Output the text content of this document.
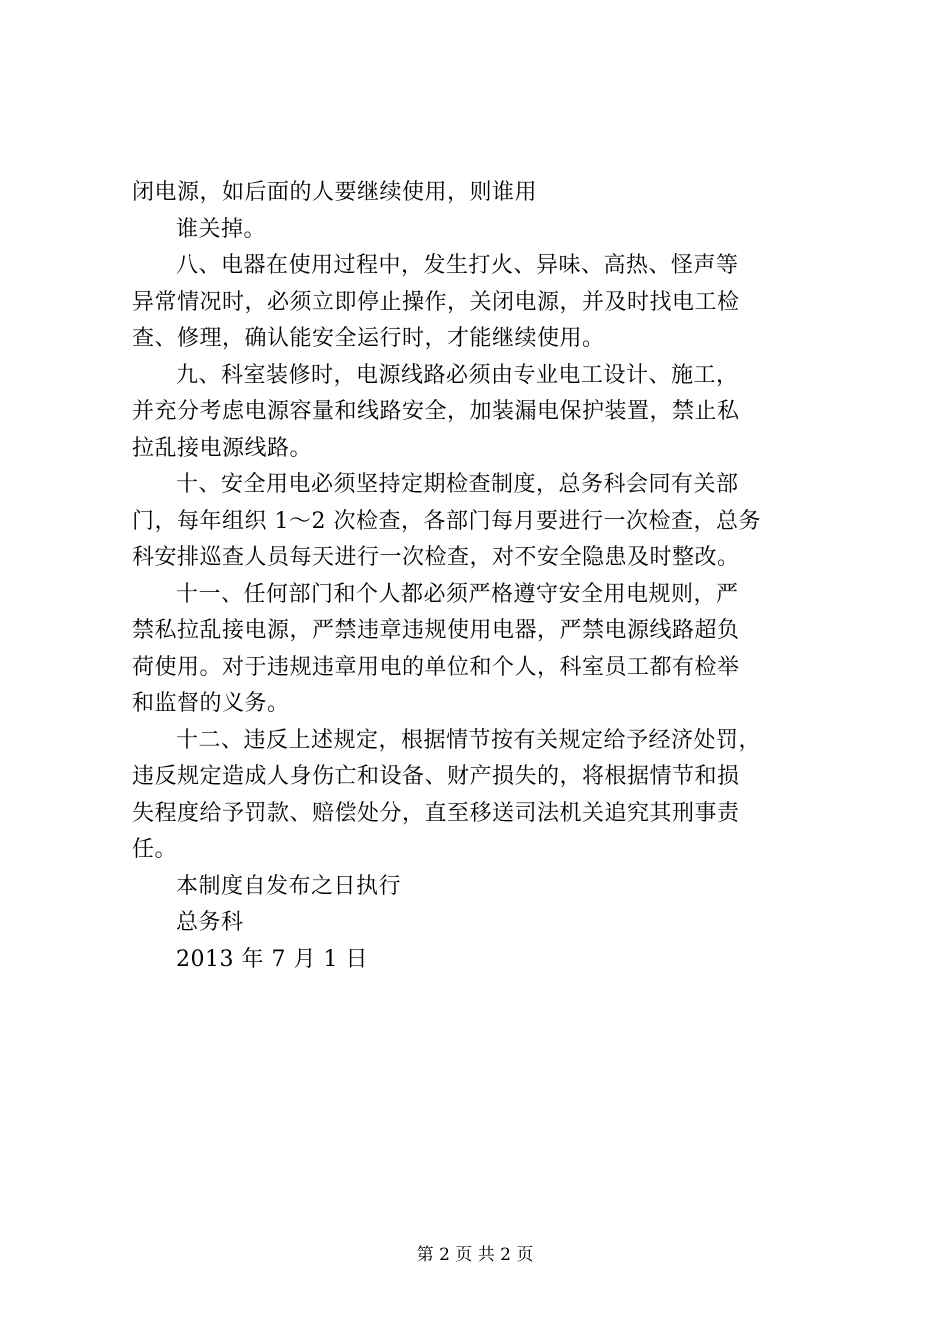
闭电源，如后面的人要继续使用，则谁用
谁关掉。
八、电器在使用过程中，发生打火、异味、高热、怪声等
异常情况时，必须立即停止操作，关闭电源，并及时找电工检
查、修理，确认能安全运行时，才能继续使用。
九、科室装修时，电源线路必须由专业电工设计、施工，
并充分考虑电源容量和线路安全，加装漏电保护装置，禁止私
拉乱接电源线路。
十、安全用电必须坚持定期检查制度，总务科会同有关部
门，每年组织 1～2 次检查，各部门每月要进行一次检查，总务
科安排巡查人员每天进行一次检查，对不安全隐患及时整改。
十一、任何部门和个人都必须严格遵守安全用电规则，严
禁私拉乱接电源，严禁违章违规使用电器，严禁电源线路超负
荷使用。对于违规违章用电的单位和个人，科室员工都有检举
和监督的义务。
十二、违反上述规定，根据情节按有关规定给予经济处罚，
违反规定造成人身伤亡和设备、财产损失的，将根据情节和损
失程度给予罚款、赔偿处分，直至移送司法机关追究其刑事责
任。
本制度自发布之日执行
总务科
2013 年 7 月 1 日
第 2 页 共 2 页
